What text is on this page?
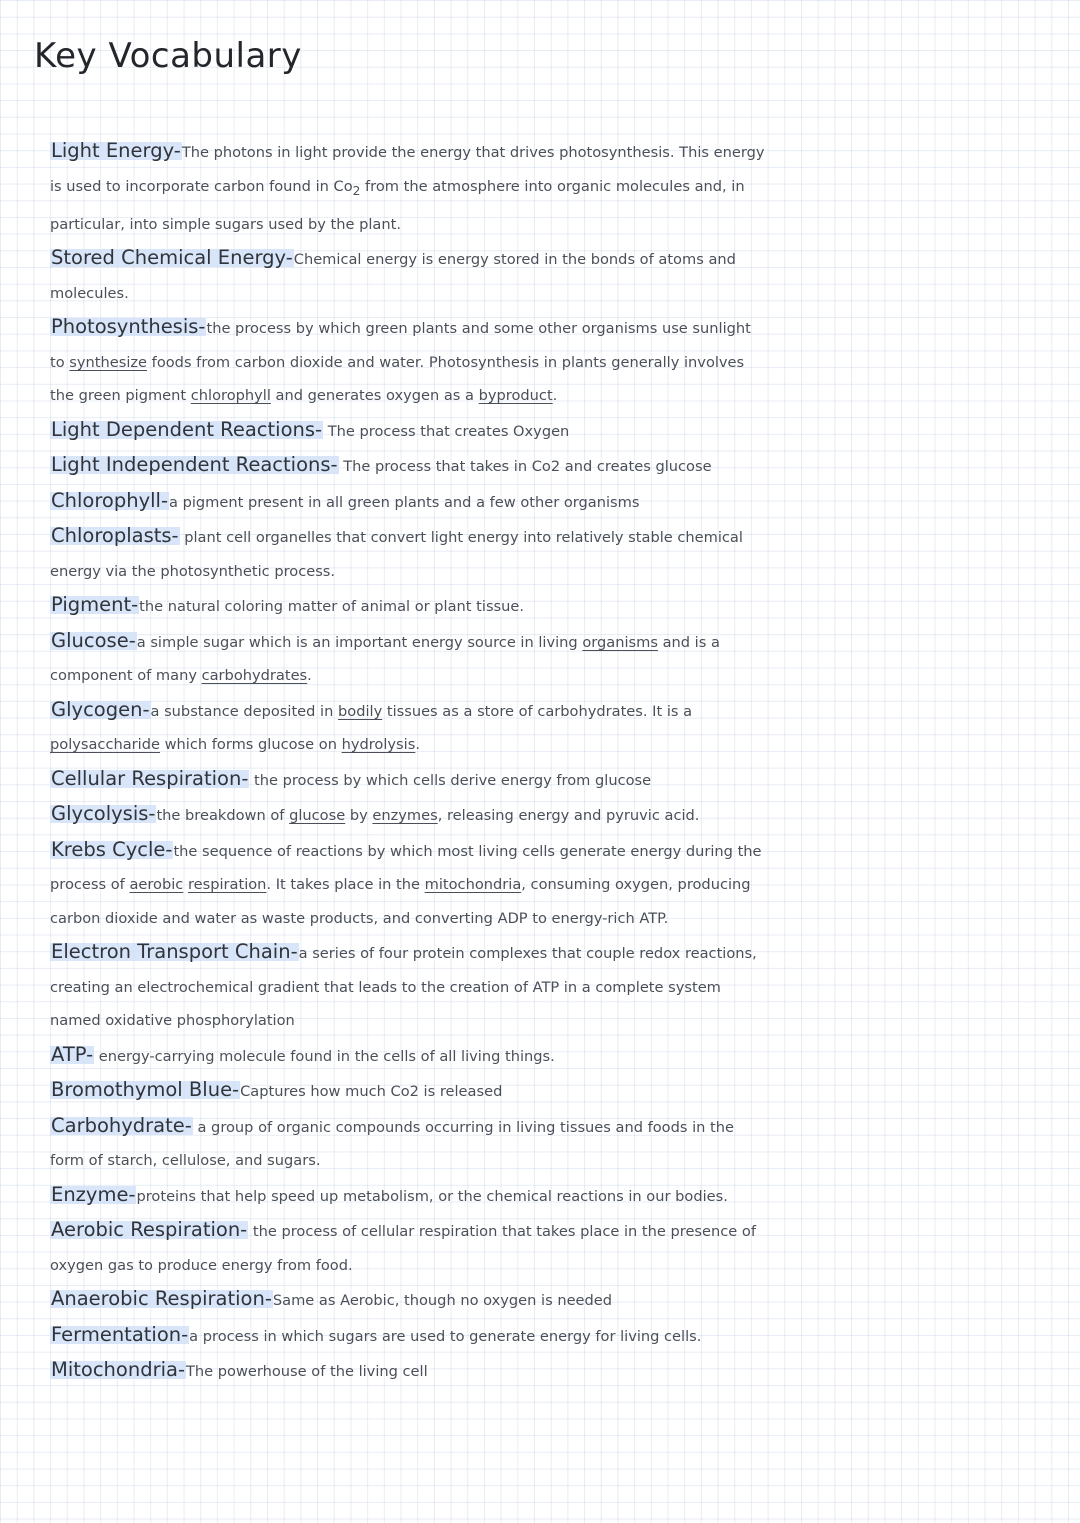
Key Vocabulary
Light Energy-The photons in light provide the energy that drives photosynthesis. This energy is used to incorporate carbon found in $Co_2$ from the atmosphere into organic molecules and, in particular, into simple sugars used by the plant.
Stored Chemical Energy-Chemical energy is energy stored in the bonds of atoms and molecules.
Photosynthesis-the process by which green plants and some other organisms use sunlight to synthesize foods from carbon dioxide and water. Photosynthesis in plants generally involves the green pigment chlorophyll and generates oxygen as a byproduct.
Light Dependent Reactions- The process that creates Oxygen
Light Independent Reactions- The process that takes in Co2 and creates glucose
Chlorophyll-a pigment present in all green plants and a few other organisms
Chloroplasts- plant cell organelles that convert light energy into relatively stable chemical energy via the photosynthetic process.
Pigment-the natural coloring matter of animal or plant tissue.
Glucose-a simple sugar which is an important energy source in living organisms and is a component of many carbohydrates.
Glycogen-a substance deposited in bodily tissues as a store of carbohydrates. It is a polysaccharide which forms glucose on hydrolysis.
Cellular Respiration- the process by which cells derive energy from glucose
Glycolysis-the breakdown of glucose by enzymes, releasing energy and pyruvic acid.
Krebs Cycle-the sequence of reactions by which most living cells generate energy during the process of aerobic respiration. It takes place in the mitochondria, consuming oxygen, producing carbon dioxide and water as waste products, and converting ADP to energy-rich ATP.
Electron Transport Chain-a series of four protein complexes that couple redox reactions, creating an electrochemical gradient that leads to the creation of ATP in a complete system named oxidative phosphorylation
ATP- energy-carrying molecule found in the cells of all living things.
Bromothymol Blue-Captures how much Co2 is released
Carbohydrate- a group of organic compounds occurring in living tissues and foods in the form of starch, cellulose, and sugars.
Enzyme-proteins that help speed up metabolism, or the chemical reactions in our bodies.
Aerobic Respiration- the process of cellular respiration that takes place in the presence of oxygen gas to produce energy from food.
Anaerobic Respiration-Same as Aerobic, though no oxygen is needed
Fermentation-a process in which sugars are used to generate energy for living cells.
Mitochondria-The powerhouse of the living cell
